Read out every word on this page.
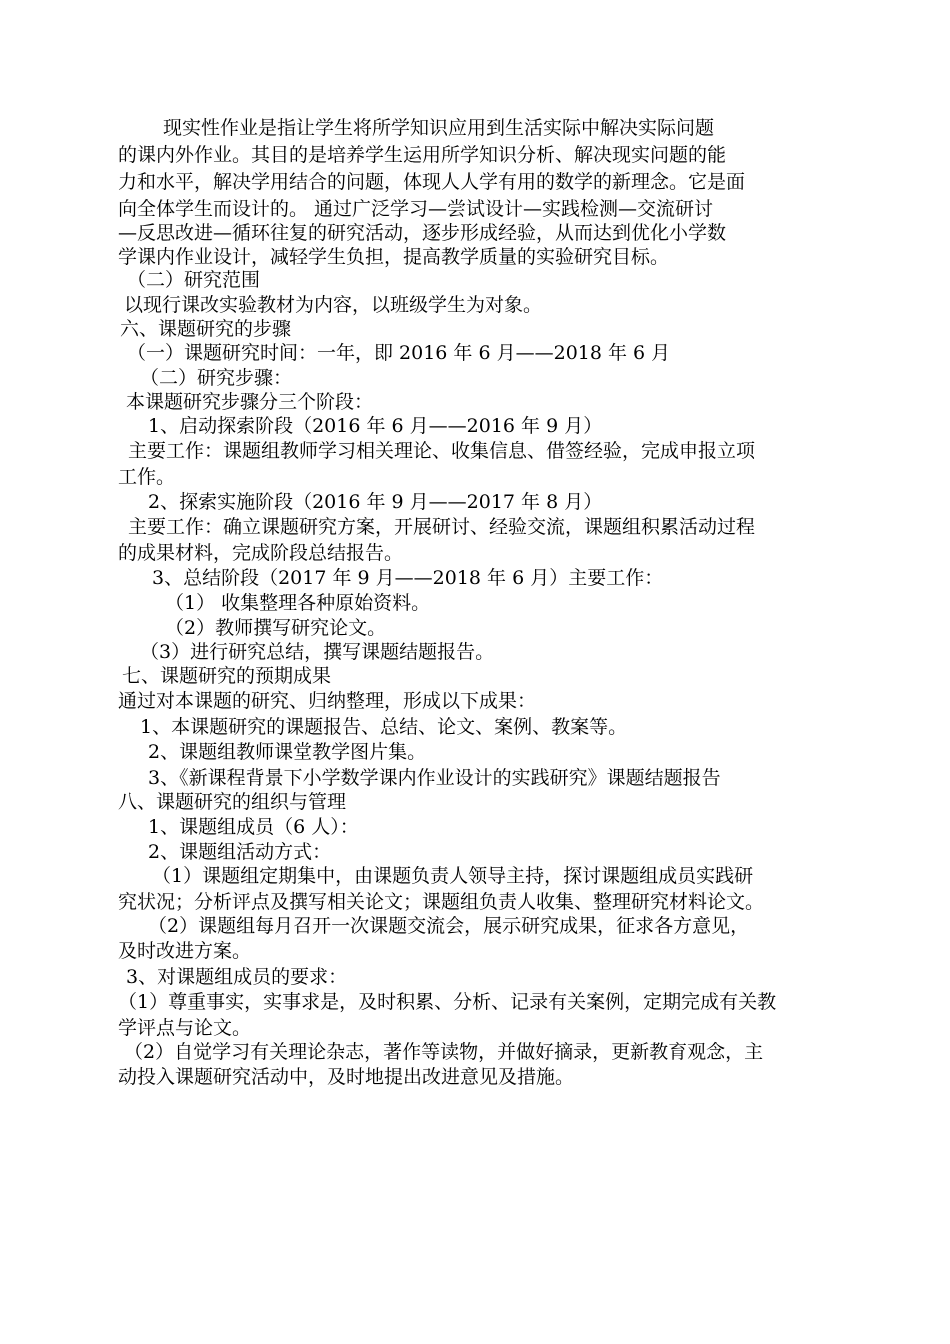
现实性作业是指让学生将所学知识应用到生活实际中解决实际问题
的课内外作业。其目的是培养学生运用所学知识分析、解决现实问题的能
力和水平，解决学用结合的问题，体现人人学有用的数学的新理念。它是面
向全体学生而设计的。 通过广泛学习—尝试设计—实践检测—交流研讨
—反思改进—循环往复的研究活动，逐步形成经验，从而达到优化小学数
学课内作业设计，减轻学生负担，提高教学质量的实验研究目标。
（二）研究范围
以现行课改实验教材为内容，以班级学生为对象。
六、课题研究的步骤
（一）课题研究时间：一年，即 2016 年 6 月——2018 年 6 月
（二）研究步骤：
本课题研究步骤分三个阶段：
1、启动探索阶段（2016 年 6 月——2016 年 9 月）
主要工作：课题组教师学习相关理论、收集信息、借签经验，完成申报立项
工作。
2、探索实施阶段（2016 年 9 月——2017 年 8 月）
主要工作：确立课题研究方案，开展研讨、经验交流，课题组积累活动过程
的成果材料，完成阶段总结报告。
3、总结阶段（2017 年 9 月——2018 年 6 月）主要工作：
（1） 收集整理各种原始资料。
（2）教师撰写研究论文。
（3）进行研究总结，撰写课题结题报告。
七、课题研究的预期成果
通过对本课题的研究、归纳整理，形成以下成果：
1、本课题研究的课题报告、总结、论文、案例、教案等。
2、课题组教师课堂教学图片集。
3、《新课程背景下小学数学课内作业设计的实践研究》课题结题报告
八、课题研究的组织与管理
1、课题组成员（6 人）：
2、课题组活动方式：
（1）课题组定期集中，由课题负责人领导主持，探讨课题组成员实践研
究状况；分析评点及撰写相关论文；课题组负责人收集、整理研究材料论文。
（2）课题组每月召开一次课题交流会，展示研究成果，征求各方意见，
及时改进方案。
3、对课题组成员的要求：
（1）尊重事实，实事求是，及时积累、分析、记录有关案例，定期完成有关教
学评点与论文。
（2）自觉学习有关理论杂志，著作等读物，并做好摘录，更新教育观念，主
动投入课题研究活动中，及时地提出改进意见及措施。
